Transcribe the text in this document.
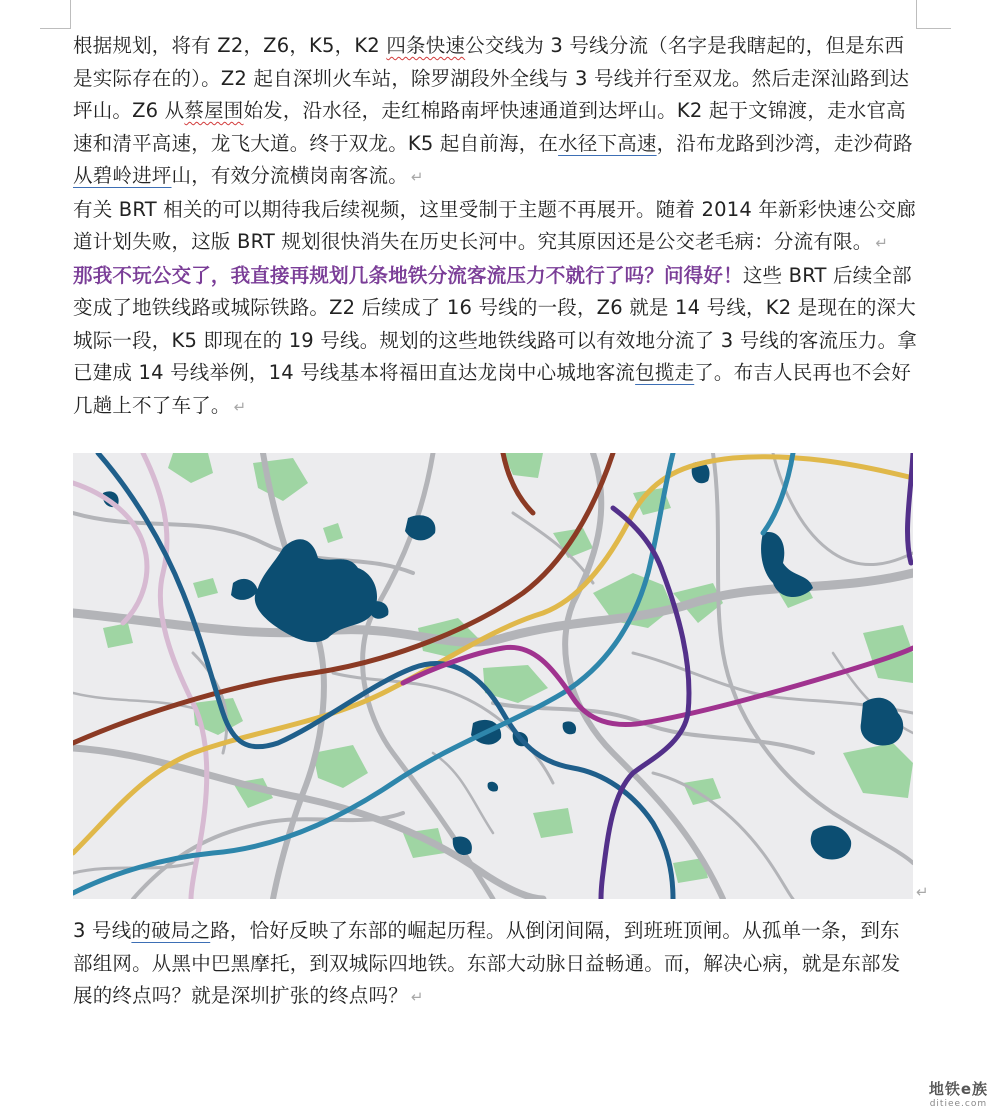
根据规划，将有 Z2，Z6，K5，K2 四条快速公交线为 3 号线分流（名字是我瞎起的，但是东西是实际存在的）。Z2 起自深圳火车站，除罗湖段外全线与 3 号线并行至双龙。然后走深汕路到达坪山。Z6 从蔡屋围始发，沿水径，走红棉路南坪快速通道到达坪山。K2 起于文锦渡，走水官高速和清平高速，龙飞大道。终于双龙。K5 起自前海，在水径下高速，沿布龙路到沙湾，走沙荷路从碧岭进坪山，有效分流横岗南客流。 ↵

有关 BRT 相关的可以期待我后续视频，这里受制于主题不再展开。随着 2014 年新彩快速公交廊道计划失败，这版 BRT 规划很快消失在历史长河中。究其原因还是公交老毛病：分流有限。 ↵

那我不玩公交了，我直接再规划几条地铁分流客流压力不就行了吗？问得好！这些 BRT 后续全部变成了地铁线路或城际铁路。Z2 后续成了 16 号线的一段，Z6 就是 14 号线，K2 是现在的深大城际一段，K5 即现在的 19 号线。规划的这些地铁线路可以有效地分流了 3 号线的客流压力。拿已建成 14 号线举例，14 号线基本将福田直达龙岗中心城地客流包揽走了。布吉人民再也不会好几趟上不了车了。 ↵

↵

3 号线的破局之路，恰好反映了东部的崛起历程。从倒闭间隔，到班班顶闸。从孤单一条，到东部组网。从黑中巴黑摩托，到双城际四地铁。东部大动脉日益畅通。而，解决心病，就是东部发展的终点吗？就是深圳扩张的终点吗？ ↵

地铁e族
ditiee.com
